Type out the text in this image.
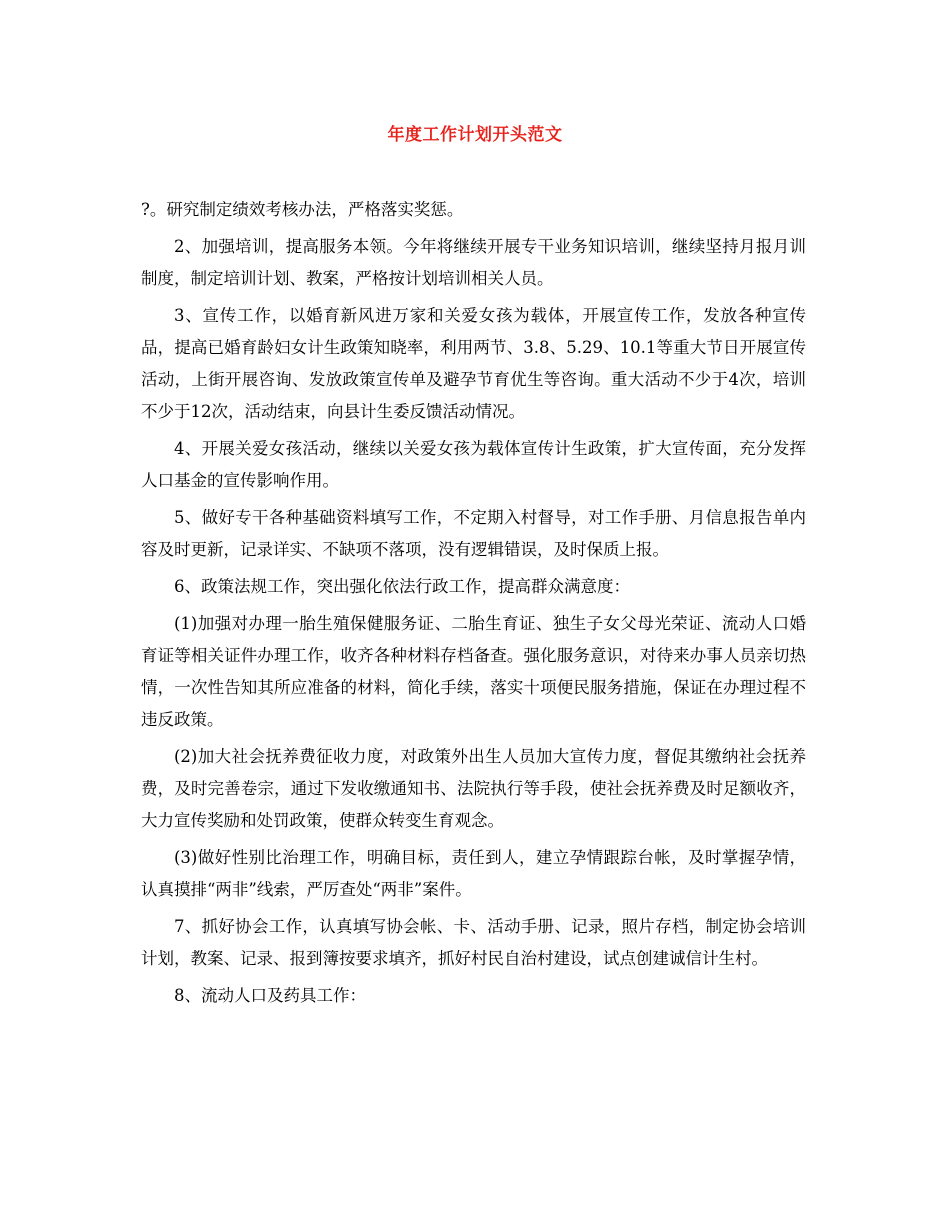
年度工作计划开头范文

?。研究制定绩效考核办法，严格落实奖惩。

2、加强培训，提高服务本领。今年将继续开展专干业务知识培训，继续坚持月报月训制度，制定培训计划、教案，严格按计划培训相关人员。

3、宣传工作，以婚育新风进万家和关爱女孩为载体，开展宣传工作，发放各种宣传品，提高已婚育龄妇女计生政策知晓率，利用两节、3.8、5.29、10.1等重大节日开展宣传活动，上街开展咨询、发放政策宣传单及避孕节育优生等咨询。重大活动不少于4次，培训不少于12次，活动结束，向县计生委反馈活动情况。

4、开展关爱女孩活动，继续以关爱女孩为载体宣传计生政策，扩大宣传面，充分发挥人口基金的宣传影响作用。

5、做好专干各种基础资料填写工作，不定期入村督导，对工作手册、月信息报告单内容及时更新，记录详实、不缺项不落项，没有逻辑错误，及时保质上报。

6、政策法规工作，突出强化依法行政工作，提高群众满意度：

(1)加强对办理一胎生殖保健服务证、二胎生育证、独生子女父母光荣证、流动人口婚育证等相关证件办理工作，收齐各种材料存档备查。强化服务意识，对待来办事人员亲切热情，一次性告知其所应准备的材料，简化手续，落实十项便民服务措施，保证在办理过程不违反政策。

(2)加大社会抚养费征收力度，对政策外出生人员加大宣传力度，督促其缴纳社会抚养费，及时完善卷宗，通过下发收缴通知书、法院执行等手段，使社会抚养费及时足额收齐，大力宣传奖励和处罚政策，使群众转变生育观念。

(3)做好性别比治理工作，明确目标，责任到人，建立孕情跟踪台帐，及时掌握孕情，认真摸排“两非”线索，严厉查处“两非”案件。

7、抓好协会工作，认真填写协会帐、卡、活动手册、记录，照片存档，制定协会培训计划，教案、记录、报到簿按要求填齐，抓好村民自治村建设，试点创建诚信计生村。

8、流动人口及药具工作：
